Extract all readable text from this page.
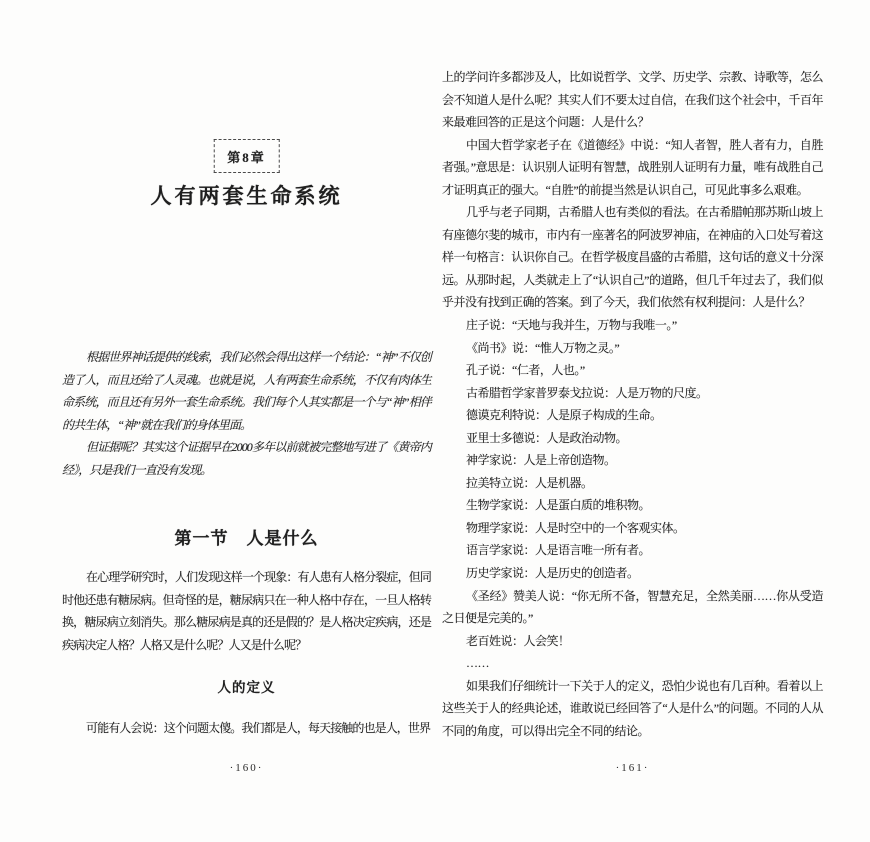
第8章
人有两套生命系统

根据世界神话提供的线索，我们必然会得出这样一个结论：“神”不仅创造了人，而且还给了人灵魂。也就是说，人有两套生命系统，不仅有肉体生命系统，而且还有另外一套生命系统。我们每个人其实都是一个与“神”相伴的共生体，“神”就在我们的身体里面。

但证据呢？其实这个证据早在2000多年以前就被完整地写进了《黄帝内经》，只是我们一直没有发现。

第一节　人是什么

在心理学研究时，人们发现这样一个现象：有人患有人格分裂症，但同时他还患有糖尿病。但奇怪的是，糖尿病只在一种人格中存在，一旦人格转换，糖尿病立刻消失。那么糖尿病是真的还是假的？是人格决定疾病，还是疾病决定人格？人格又是什么呢？人又是什么呢？

人的定义

可能有人会说：这个问题太傻。我们都是人，每天接触的也是人，世界

·160·

上的学问许多都涉及人，比如说哲学、文学、历史学、宗教、诗歌等，怎么会不知道人是什么呢？其实人们不要太过自信，在我们这个社会中，千百年来最难回答的正是这个问题：人是什么？

中国大哲学家老子在《道德经》中说：“知人者智，胜人者有力，自胜者强。”意思是：认识别人证明有智慧，战胜别人证明有力量，唯有战胜自己才证明真正的强大。“自胜”的前提当然是认识自己，可见此事多么艰难。

几乎与老子同期，古希腊人也有类似的看法。在古希腊帕那苏斯山坡上有座德尔斐的城市，市内有一座著名的阿波罗神庙，在神庙的入口处写着这样一句格言：认识你自己。在哲学极度昌盛的古希腊，这句话的意义十分深远。从那时起，人类就走上了“认识自己”的道路，但几千年过去了，我们似乎并没有找到正确的答案。到了今天，我们依然有权利提问：人是什么？

庄子说：“天地与我并生，万物与我唯一。”

《尚书》说：“惟人万物之灵。”

孔子说：“仁者，人也。”

古希腊哲学家普罗泰戈拉说：人是万物的尺度。

德谟克利特说：人是原子构成的生命。

亚里士多德说：人是政治动物。

神学家说：人是上帝创造物。

拉美特立说：人是机器。

生物学家说：人是蛋白质的堆积物。

物理学家说：人是时空中的一个客观实体。

语言学家说：人是语言唯一所有者。

历史学家说：人是历史的创造者。

《圣经》赞美人说：“你无所不备，智慧充足，全然美丽……你从受造之日便是完美的。”

老百姓说：人会笑！

……

如果我们仔细统计一下关于人的定义，恐怕少说也有几百种。看着以上这些关于人的经典论述，谁敢说已经回答了“人是什么”的问题。不同的人从不同的角度，可以得出完全不同的结论。

·161·
